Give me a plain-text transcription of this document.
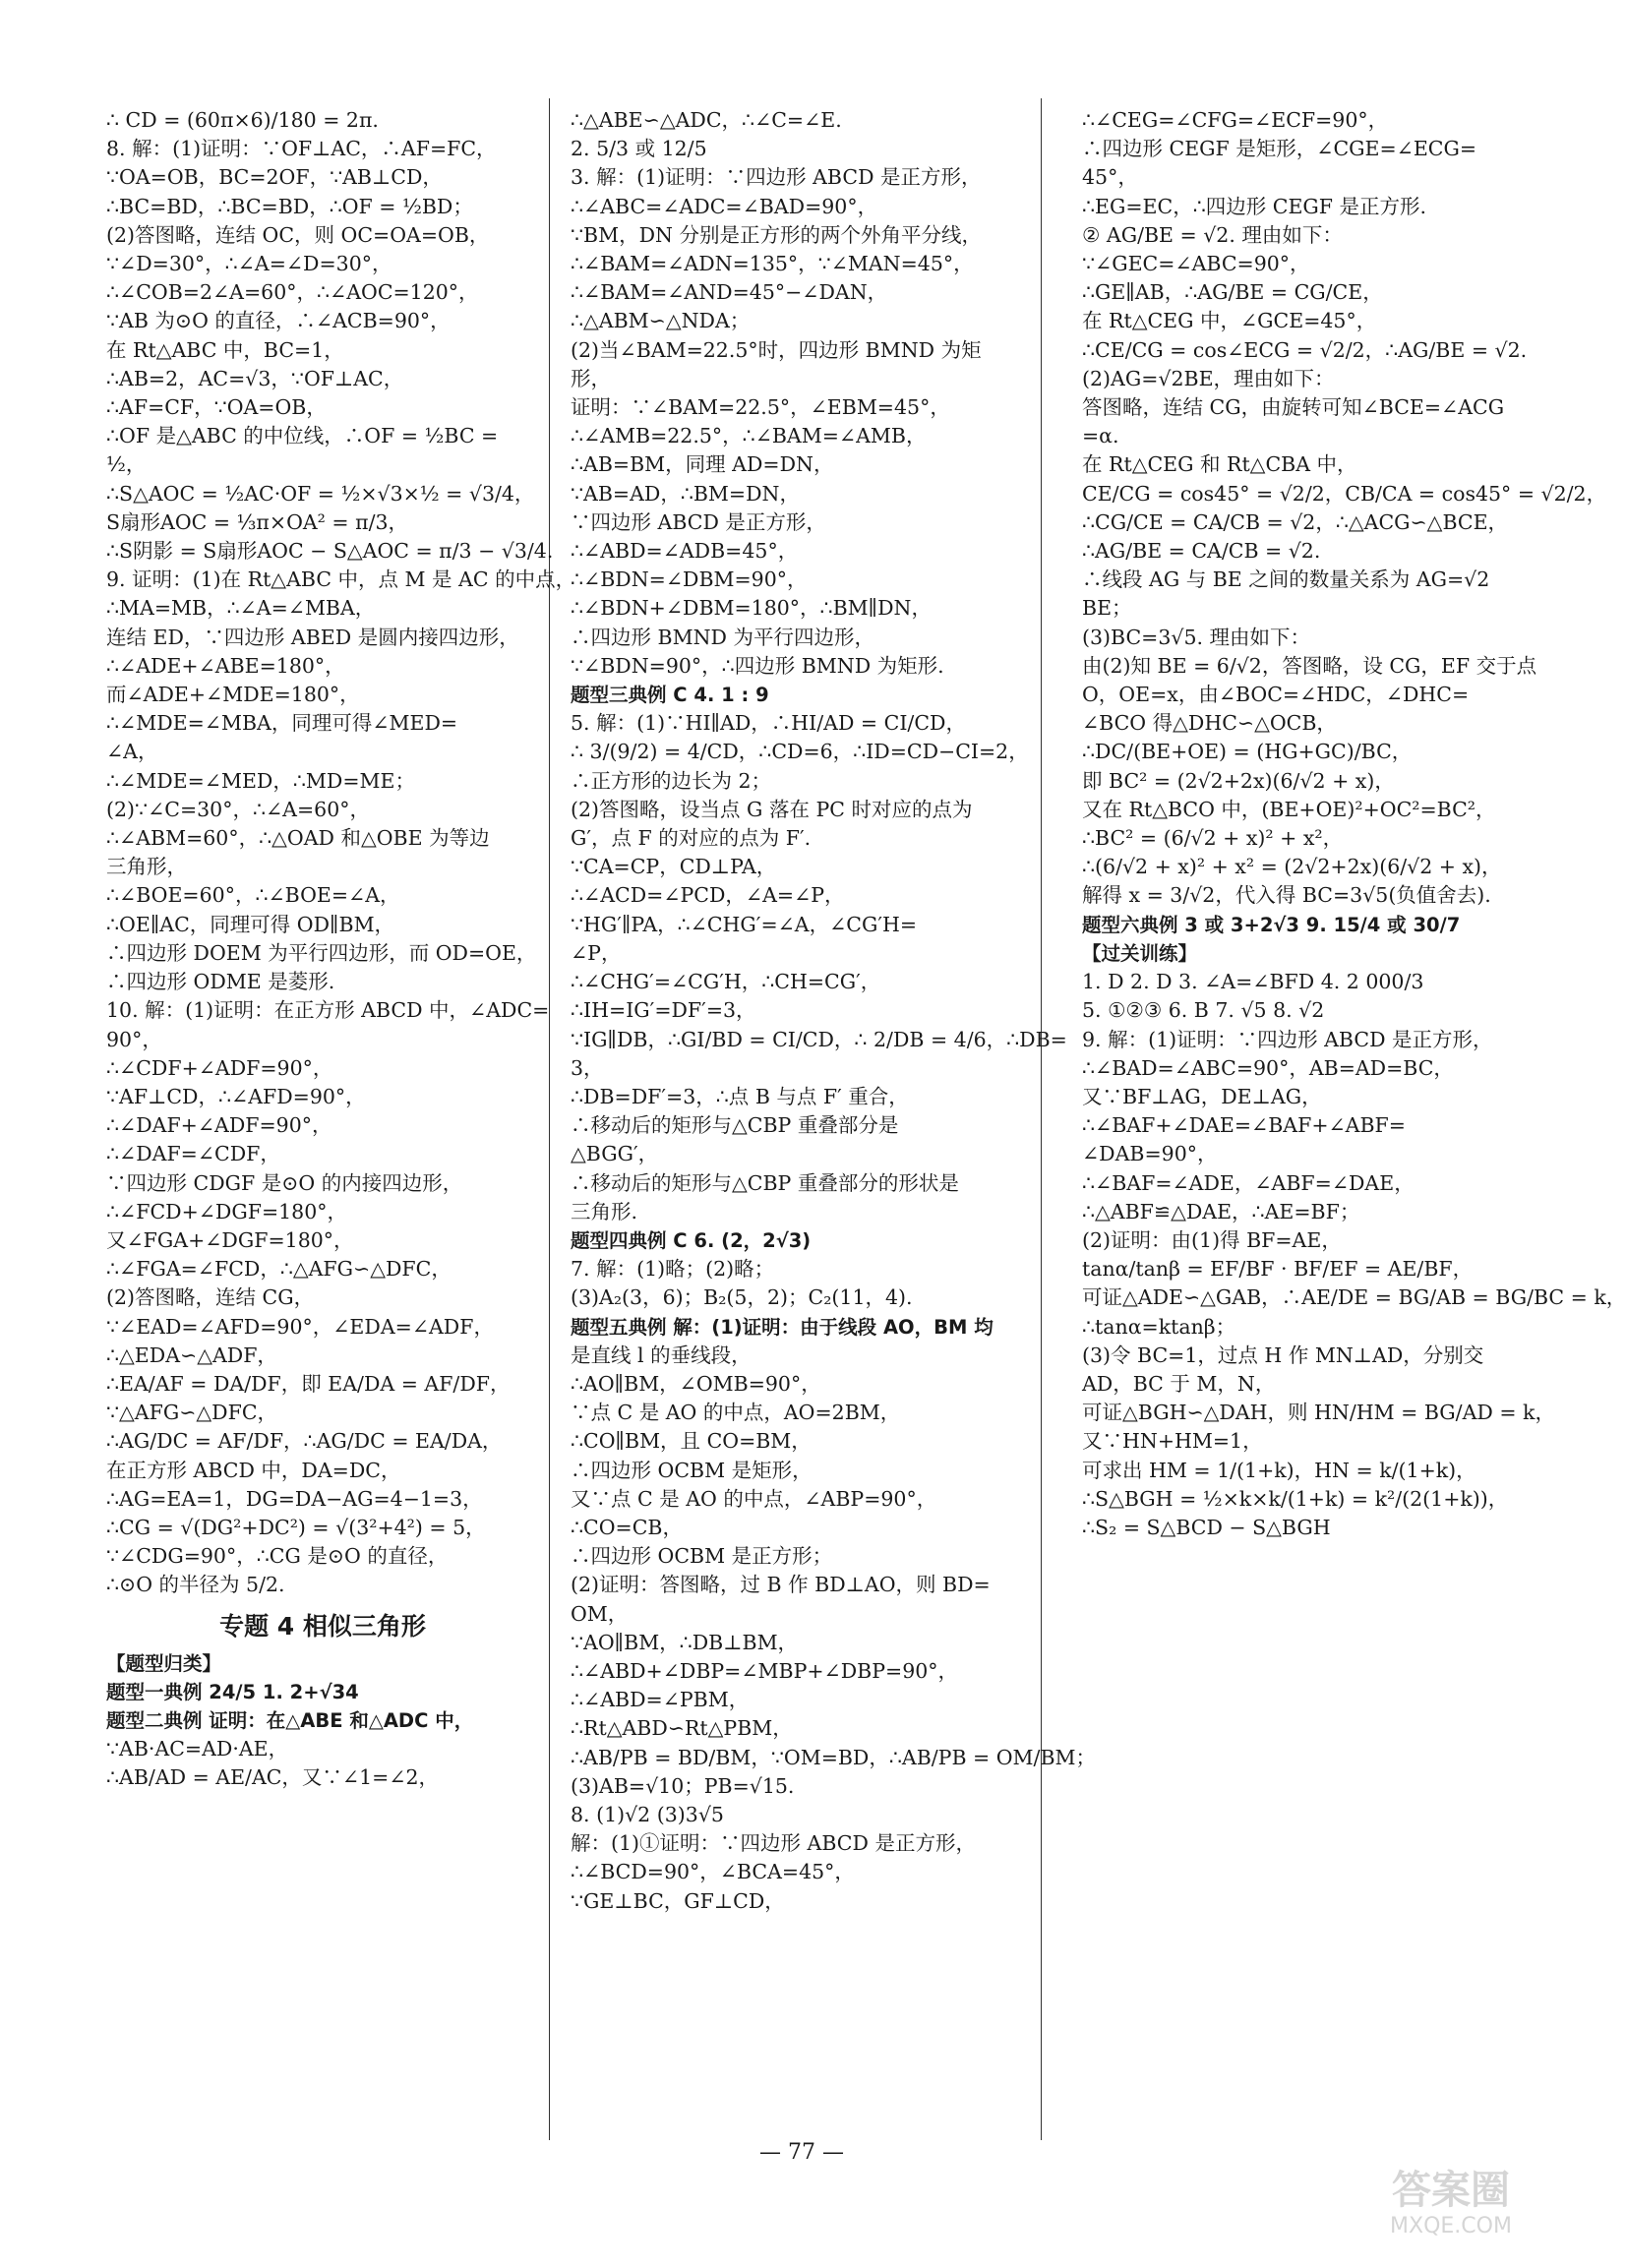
∴ CD = (60π×6)/180 = 2π.
8. 解：(1)证明：∵OF⊥AC，∴AF=FC，
∵OA=OB，BC=2OF，∵AB⊥CD，
∴BC=BD，∴BC=BD，∴OF = ½BD；
(2)答图略，连结 OC，则 OC=OA=OB，
∵∠D=30°，∴∠A=∠D=30°，
∴∠COB=2∠A=60°，∴∠AOC=120°，
∵AB 为⊙O 的直径，∴∠ACB=90°，
在 Rt△ABC 中，BC=1，
∴AB=2，AC=√3，∵OF⊥AC，
∴AF=CF，∵OA=OB，
∴OF 是△ABC 的中位线，∴OF = ½BC =
½，
∴S△AOC = ½AC·OF = ½×√3×½ = √3/4，
S扇形AOC = ⅓π×OA² = π/3，
∴S阴影 = S扇形AOC − S△AOC = π/3 − √3/4.
9. 证明：(1)在 Rt△ABC 中，点 M 是 AC 的中点，
∴MA=MB，∴∠A=∠MBA，
连结 ED，∵四边形 ABED 是圆内接四边形，
∴∠ADE+∠ABE=180°，
而∠ADE+∠MDE=180°，
∴∠MDE=∠MBA，同理可得∠MED=
∠A，
∴∠MDE=∠MED，∴MD=ME；
(2)∵∠C=30°，∴∠A=60°，
∴∠ABM=60°，∴△OAD 和△OBE 为等边
三角形，
∴∠BOE=60°，∴∠BOE=∠A，
∴OE∥AC，同理可得 OD∥BM，
∴四边形 DOEM 为平行四边形，而 OD=OE，
∴四边形 ODME 是菱形.
10. 解：(1)证明：在正方形 ABCD 中，∠ADC=
90°，
∴∠CDF+∠ADF=90°，
∵AF⊥CD，∴∠AFD=90°，
∴∠DAF+∠ADF=90°，
∴∠DAF=∠CDF，
∵四边形 CDGF 是⊙O 的内接四边形，
∴∠FCD+∠DGF=180°，
又∠FGA+∠DGF=180°，
∴∠FGA=∠FCD，∴△AFG∽△DFC，
(2)答图略，连结 CG，
∵∠EAD=∠AFD=90°，∠EDA=∠ADF，
∴△EDA∽△ADF，
∴EA/AF = DA/DF，即 EA/DA = AF/DF，
∵△AFG∽△DFC，
∴AG/DC = AF/DF，∴AG/DC = EA/DA，
在正方形 ABCD 中，DA=DC，
∴AG=EA=1，DG=DA−AG=4−1=3，
∴CG = √(DG²+DC²) = √(3²+4²) = 5，
∵∠CDG=90°，∴CG 是⊙O 的直径，
∴⊙O 的半径为 5/2.
专题 4 相似三角形
【题型归类】
题型一典例 24/5 1. 2+√34
题型二典例 证明：在△ABE 和△ADC 中，
∵AB·AC=AD·AE，
∴AB/AD = AE/AC，又∵∠1=∠2，
∴△ABE∽△ADC，∴∠C=∠E.
2. 5/3 或 12/5
3. 解：(1)证明：∵四边形 ABCD 是正方形，
∴∠ABC=∠ADC=∠BAD=90°，
∵BM，DN 分别是正方形的两个外角平分线，
∴∠BAM=∠ADN=135°，∵∠MAN=45°，
∴∠BAM=∠AND=45°−∠DAN，
∴△ABM∽△NDA；
(2)当∠BAM=22.5°时，四边形 BMND 为矩
形，
证明：∵∠BAM=22.5°，∠EBM=45°，
∴∠AMB=22.5°，∴∠BAM=∠AMB，
∴AB=BM，同理 AD=DN，
∵AB=AD，∴BM=DN，
∵四边形 ABCD 是正方形，
∴∠ABD=∠ADB=45°，
∴∠BDN=∠DBM=90°，
∴∠BDN+∠DBM=180°，∴BM∥DN，
∴四边形 BMND 为平行四边形，
∵∠BDN=90°，∴四边形 BMND 为矩形.
题型三典例 C 4. 1 : 9
5. 解：(1)∵HI∥AD，∴HI/AD = CI/CD，
∴ 3/(9/2) = 4/CD，∴CD=6，∴ID=CD−CI=2，
∴正方形的边长为 2；
(2)答图略，设当点 G 落在 PC 时对应的点为
G′，点 F 的对应的点为 F′.
∵CA=CP，CD⊥PA，
∴∠ACD=∠PCD，∠A=∠P，
∵HG′∥PA，∴∠CHG′=∠A，∠CG′H=
∠P，
∴∠CHG′=∠CG′H，∴CH=CG′，
∴IH=IG′=DF′=3，
∵IG∥DB，∴GI/BD = CI/CD，∴ 2/DB = 4/6，∴DB=
3，
∴DB=DF′=3，∴点 B 与点 F′ 重合，
∴移动后的矩形与△CBP 重叠部分是
△BGG′，
∴移动后的矩形与△CBP 重叠部分的形状是
三角形.
题型四典例 C 6. (2，2√3)
7. 解：(1)略；(2)略；
(3)A₂(3，6)；B₂(5，2)；C₂(11，4).
题型五典例 解：(1)证明：由于线段 AO，BM 均
是直线 l 的垂线段，
∴AO∥BM，∠OMB=90°，
∵点 C 是 AO 的中点，AO=2BM，
∴CO∥BM，且 CO=BM，
∴四边形 OCBM 是矩形，
又∵点 C 是 AO 的中点，∠ABP=90°，
∴CO=CB，
∴四边形 OCBM 是正方形；
(2)证明：答图略，过 B 作 BD⊥AO，则 BD=
OM，
∵AO∥BM，∴DB⊥BM，
∴∠ABD+∠DBP=∠MBP+∠DBP=90°，
∴∠ABD=∠PBM，
∴Rt△ABD∽Rt△PBM，
∴AB/PB = BD/BM，∵OM=BD，∴AB/PB = OM/BM；
(3)AB=√10；PB=√15.
8. (1)√2 (3)3√5
解：(1)①证明：∵四边形 ABCD 是正方形，
∴∠BCD=90°，∠BCA=45°，
∵GE⊥BC，GF⊥CD，
∴∠CEG=∠CFG=∠ECF=90°，
∴四边形 CEGF 是矩形，∠CGE=∠ECG=
45°，
∴EG=EC，∴四边形 CEGF 是正方形.
② AG/BE = √2. 理由如下：
∵∠GEC=∠ABC=90°，
∴GE∥AB，∴AG/BE = CG/CE，
在 Rt△CEG 中，∠GCE=45°，
∴CE/CG = cos∠ECG = √2/2，∴AG/BE = √2.
(2)AG=√2BE，理由如下：
答图略，连结 CG，由旋转可知∠BCE=∠ACG
=α.
在 Rt△CEG 和 Rt△CBA 中，
CE/CG = cos45° = √2/2，CB/CA = cos45° = √2/2，
∴CG/CE = CA/CB = √2，∴△ACG∽△BCE，
∴AG/BE = CA/CB = √2.
∴线段 AG 与 BE 之间的数量关系为 AG=√2
BE；
(3)BC=3√5. 理由如下：
由(2)知 BE = 6/√2，答图略，设 CG，EF 交于点
O，OE=x，由∠BOC=∠HDC，∠DHC=
∠BCO 得△DHC∽△OCB，
∴DC/(BE+OE) = (HG+GC)/BC，
即 BC² = (2√2+2x)(6/√2 + x)，
又在 Rt△BCO 中，(BE+OE)²+OC²=BC²，
∴BC² = (6/√2 + x)² + x²，
∴(6/√2 + x)² + x² = (2√2+2x)(6/√2 + x)，
解得 x = 3/√2，代入得 BC=3√5(负值舍去).
题型六典例 3 或 3+2√3 9. 15/4 或 30/7
【过关训练】
1. D 2. D 3. ∠A=∠BFD 4. 2 000/3
5. ①②③ 6. B 7. √5 8. √2
9. 解：(1)证明：∵四边形 ABCD 是正方形，
∴∠BAD=∠ABC=90°，AB=AD=BC，
又∵BF⊥AG，DE⊥AG，
∴∠BAF+∠DAE=∠BAF+∠ABF=
∠DAB=90°，
∴∠BAF=∠ADE，∠ABF=∠DAE，
∴△ABF≌△DAE，∴AE=BF；
(2)证明：由(1)得 BF=AE，
tanα/tanβ = EF/BF · BF/EF = AE/BF，
可证△ADE∽△GAB，∴AE/DE = BG/AB = BG/BC = k，
∴tanα=ktanβ；
(3)令 BC=1，过点 H 作 MN⊥AD，分别交
AD，BC 于 M，N，
可证△BGH∽△DAH，则 HN/HM = BG/AD = k，
又∵HN+HM=1，
可求出 HM = 1/(1+k)，HN = k/(1+k)，
∴S△BGH = ½×k×k/(1+k) = k²/(2(1+k))，
∴S₂ = S△BCD − S△BGH
— 77 —
答案圈
MXQE.COM
